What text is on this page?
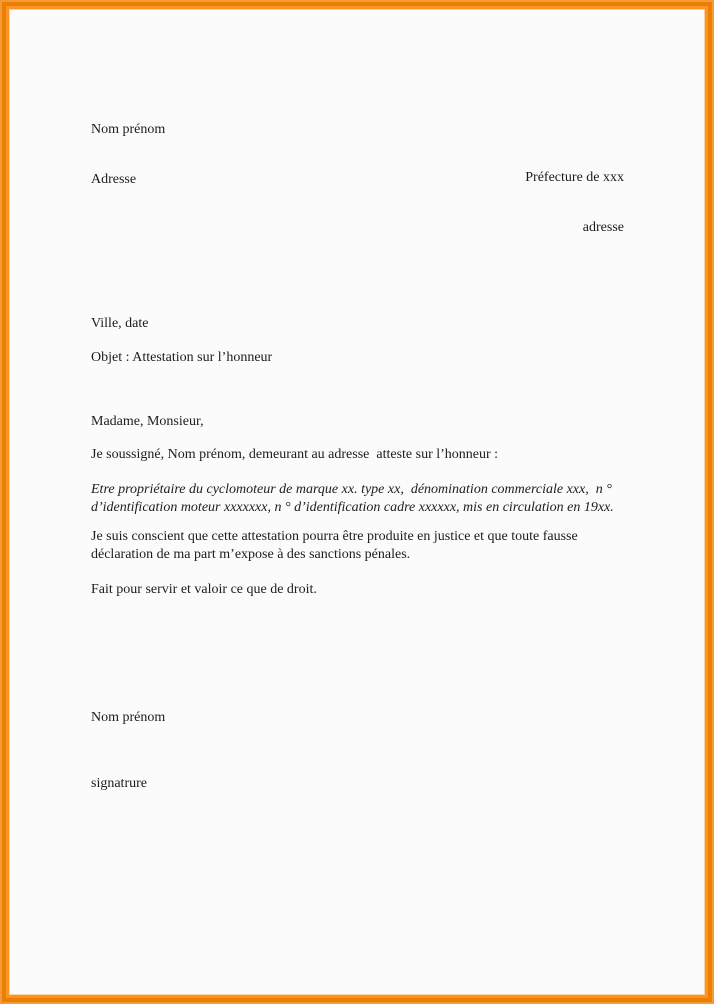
Nom prénom

Adresse

	Préfecture de xxx

adresse

Ville, date
Objet : Attestation sur l’honneur
Madame, Monsieur,
Je soussigné, Nom prénom, demeurant au adresse  atteste sur l’honneur :
Etre propriétaire du cyclomoteur de marque xx. type xx,  dénomination commerciale xxx,  n ° d’identification moteur xxxxxxx, n ° d’identification cadre xxxxxx, mis en circulation en 19xx.
Je suis conscient que cette attestation pourra être produite en justice et que toute fausse déclaration de ma part m’expose à des sanctions pénales.
Fait pour servir et valoir ce que de droit.
Nom prénom
signatrure
